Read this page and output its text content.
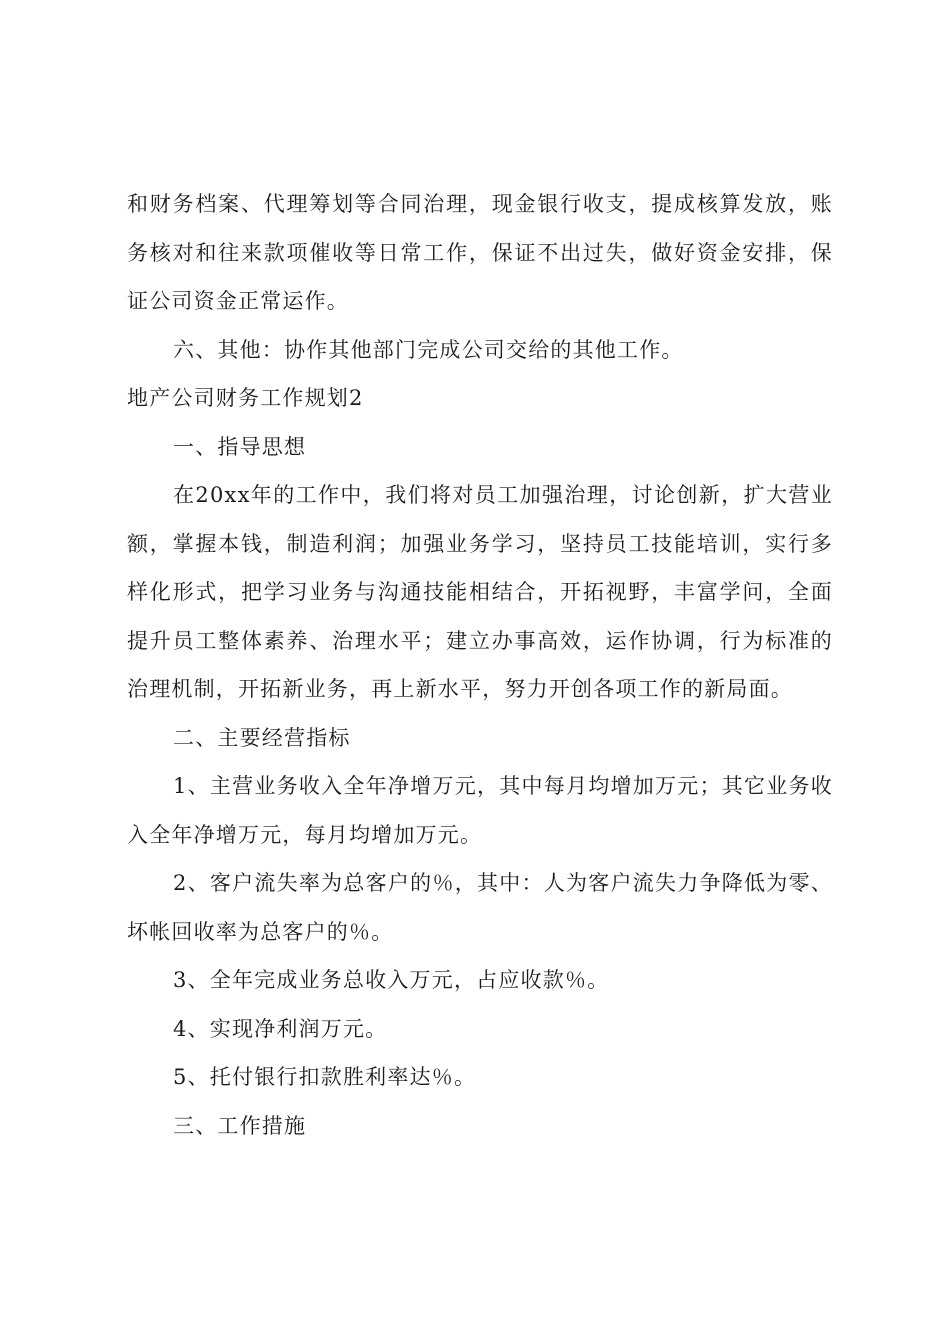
和财务档案、代理筹划等合同治理，现金银行收支，提成核算发放，账务核对和往来款项催收等日常工作，保证不出过失，做好资金安排，保证公司资金正常运作。

六、其他：协作其他部门完成公司交给的其他工作。

地产公司财务工作规划2

一、指导思想

在20xx年的工作中，我们将对员工加强治理，讨论创新，扩大营业额，掌握本钱，制造利润；加强业务学习，坚持员工技能培训，实行多样化形式，把学习业务与沟通技能相结合，开拓视野，丰富学问，全面提升员工整体素养、治理水平；建立办事高效，运作协调，行为标准的治理机制，开拓新业务，再上新水平，努力开创各项工作的新局面。

二、主要经营指标

1、主营业务收入全年净增万元，其中每月均增加万元；其它业务收入全年净增万元，每月均增加万元。

2、客户流失率为总客户的％，其中：人为客户流失力争降低为零、坏帐回收率为总客户的％。

3、全年完成业务总收入万元，占应收款％。

4、实现净利润万元。

5、托付银行扣款胜利率达％。

三、工作措施
